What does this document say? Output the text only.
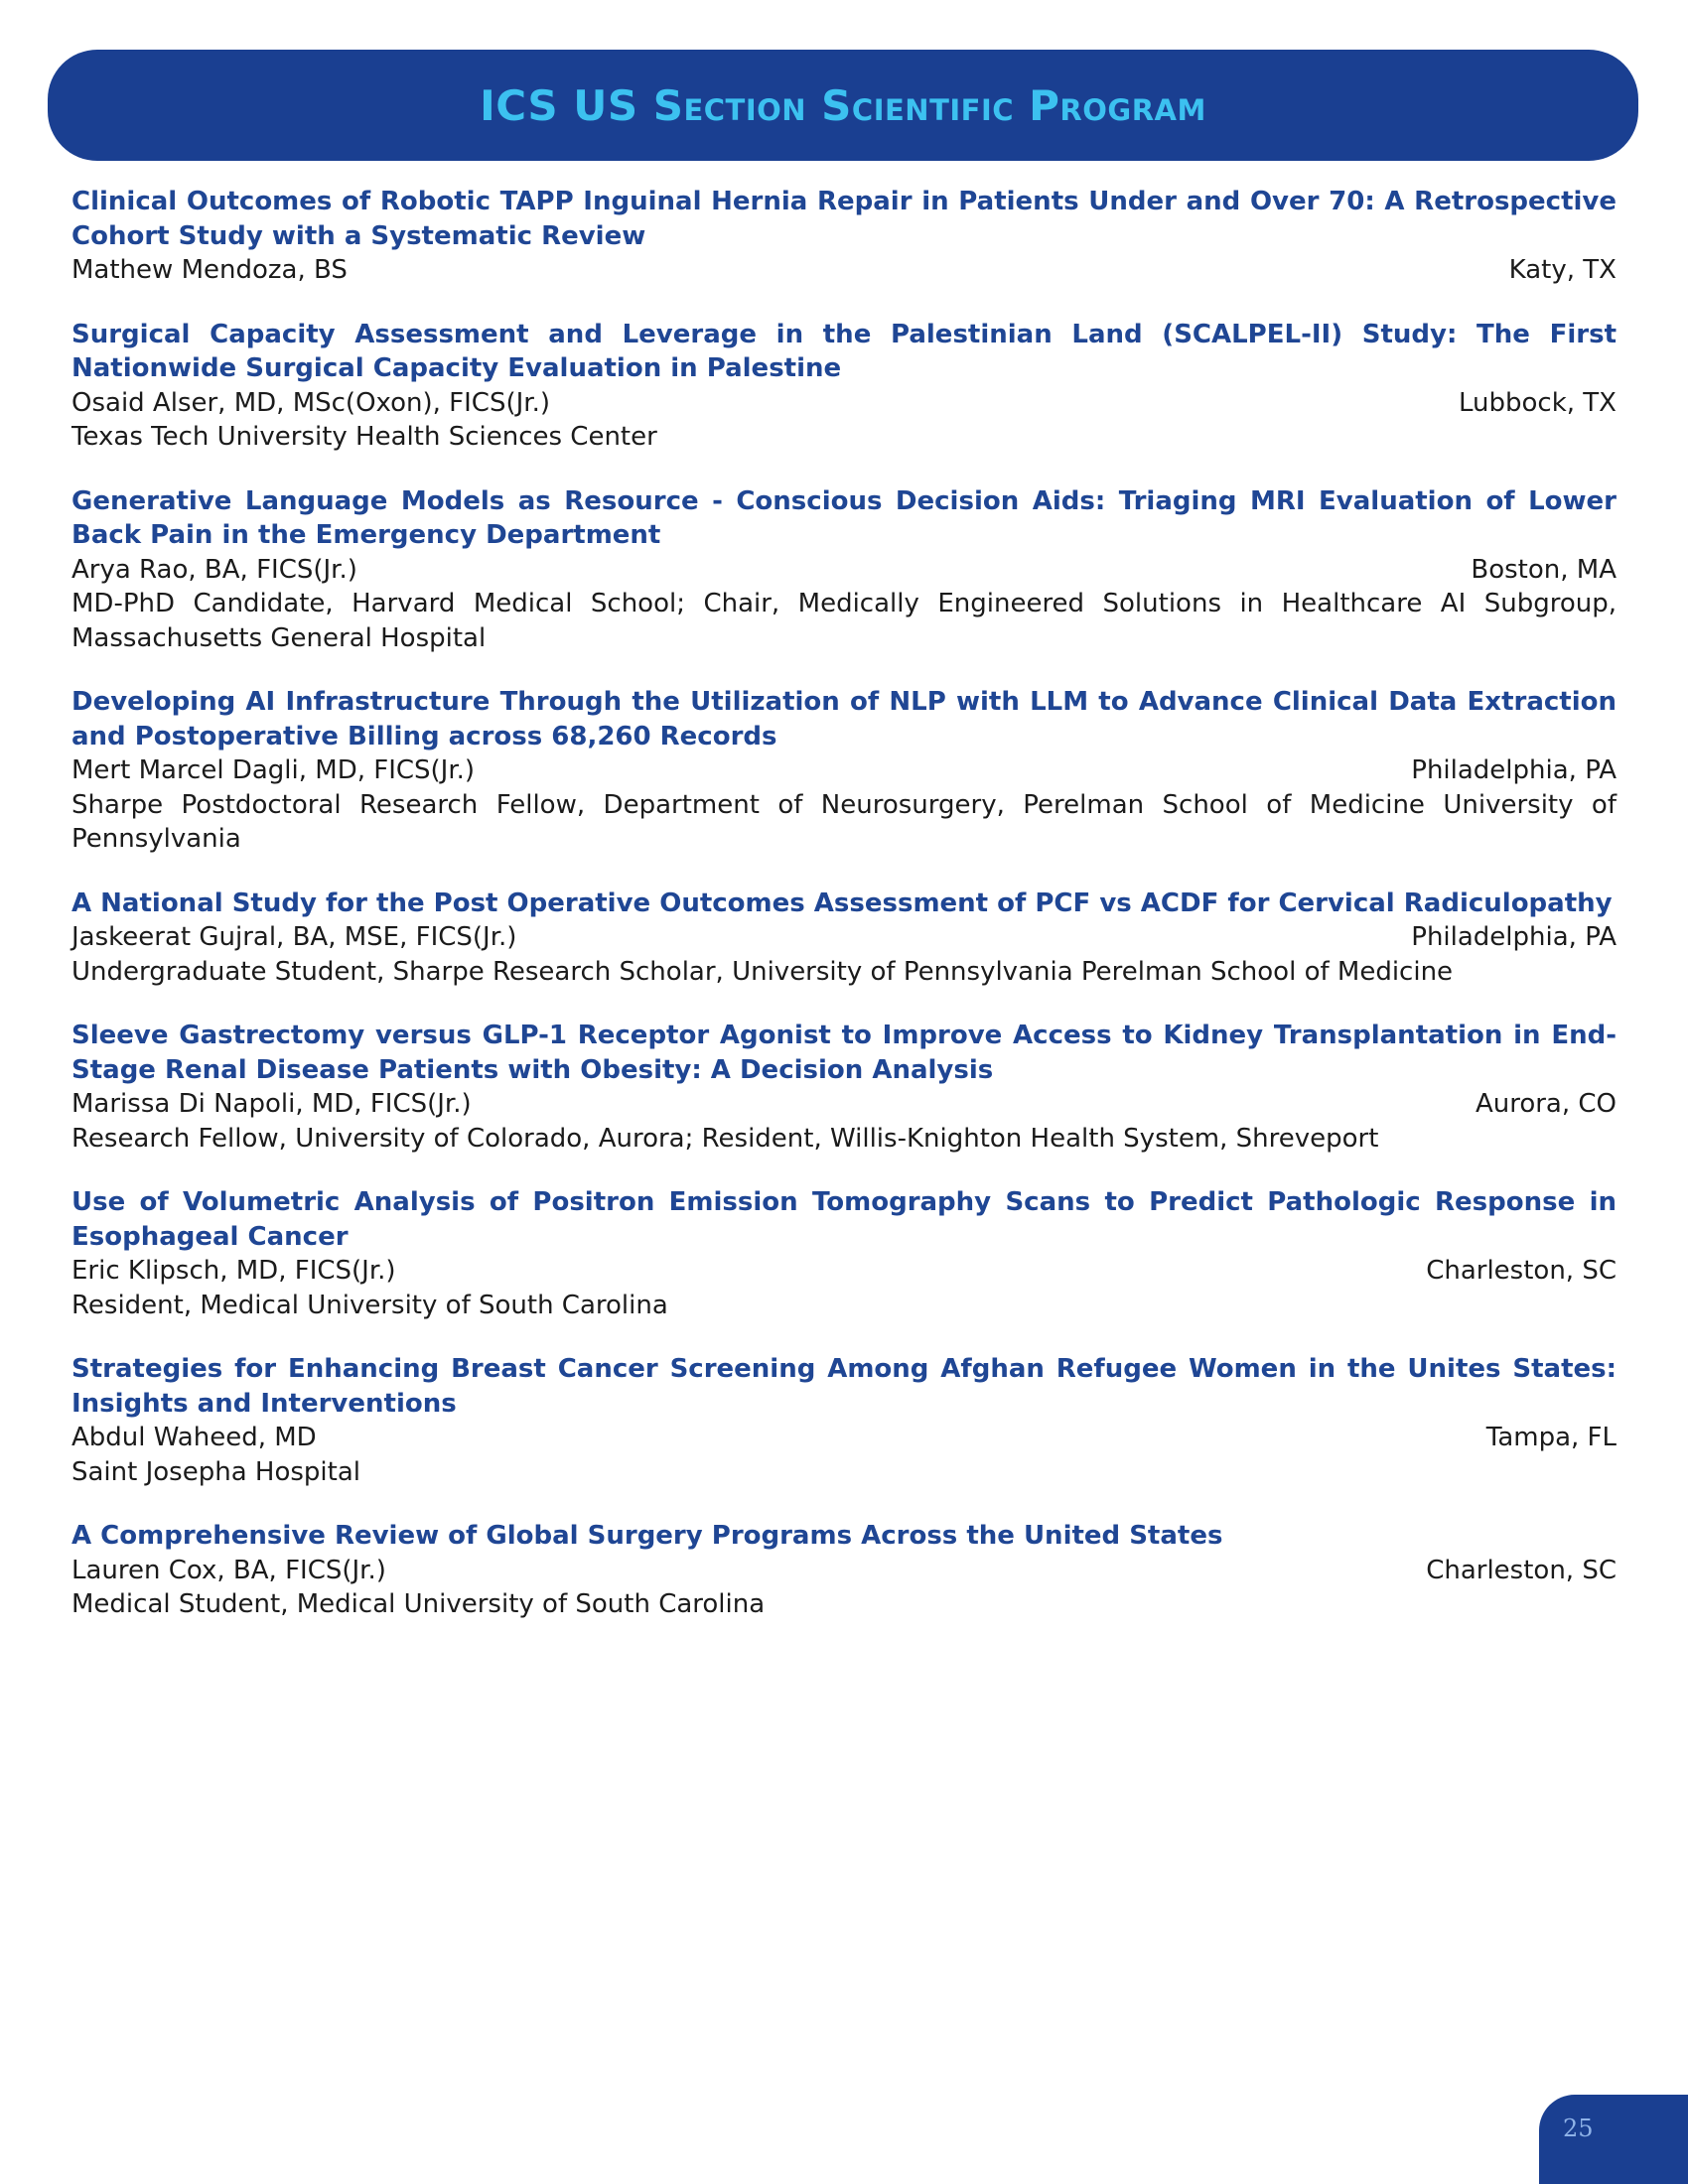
ICS US Section Scientific Program
Clinical Outcomes of Robotic TAPP Inguinal Hernia Repair in Patients Under and Over 70: A Retrospective Cohort Study with a Systematic Review
Mathew Mendoza, BS	Katy, TX
Surgical Capacity Assessment and Leverage in the Palestinian Land (SCALPEL-II) Study: The First Nationwide Surgical Capacity Evaluation in Palestine
Osaid Alser, MD, MSc(Oxon), FICS(Jr.)	Lubbock, TX
Texas Tech University Health Sciences Center
Generative Language Models as Resource - Conscious Decision Aids: Triaging MRI Evaluation of Lower Back Pain in the Emergency Department
Arya Rao, BA, FICS(Jr.)	Boston, MA
MD-PhD Candidate, Harvard Medical School; Chair, Medically Engineered Solutions in Healthcare AI Subgroup, Massachusetts General Hospital
Developing AI Infrastructure Through the Utilization of NLP with LLM to Advance Clinical Data Extraction and Postoperative Billing across 68,260 Records
Mert Marcel Dagli, MD, FICS(Jr.)	Philadelphia, PA
Sharpe Postdoctoral Research Fellow, Department of Neurosurgery, Perelman School of Medicine University of Pennsylvania
A National Study for the Post Operative Outcomes Assessment of PCF vs ACDF for Cervical Radiculopathy
Jaskeerat Gujral, BA, MSE, FICS(Jr.)	Philadelphia, PA
Undergraduate Student, Sharpe Research Scholar, University of Pennsylvania Perelman School of Medicine
Sleeve Gastrectomy versus GLP-1 Receptor Agonist to Improve Access to Kidney Transplantation in End-Stage Renal Disease Patients with Obesity: A Decision Analysis
Marissa Di Napoli, MD, FICS(Jr.)	Aurora, CO
Research Fellow, University of Colorado, Aurora; Resident, Willis-Knighton Health System, Shreveport
Use of Volumetric Analysis of Positron Emission Tomography Scans to Predict Pathologic Response in Esophageal Cancer
Eric Klipsch, MD, FICS(Jr.)	Charleston, SC
Resident, Medical University of South Carolina
Strategies for Enhancing Breast Cancer Screening Among Afghan Refugee Women in the Unites States: Insights and Interventions
Abdul Waheed, MD	Tampa, FL
Saint Josepha Hospital
A Comprehensive Review of Global Surgery Programs Across the United States
Lauren Cox, BA, FICS(Jr.)	Charleston, SC
Medical Student, Medical University of South Carolina
25
